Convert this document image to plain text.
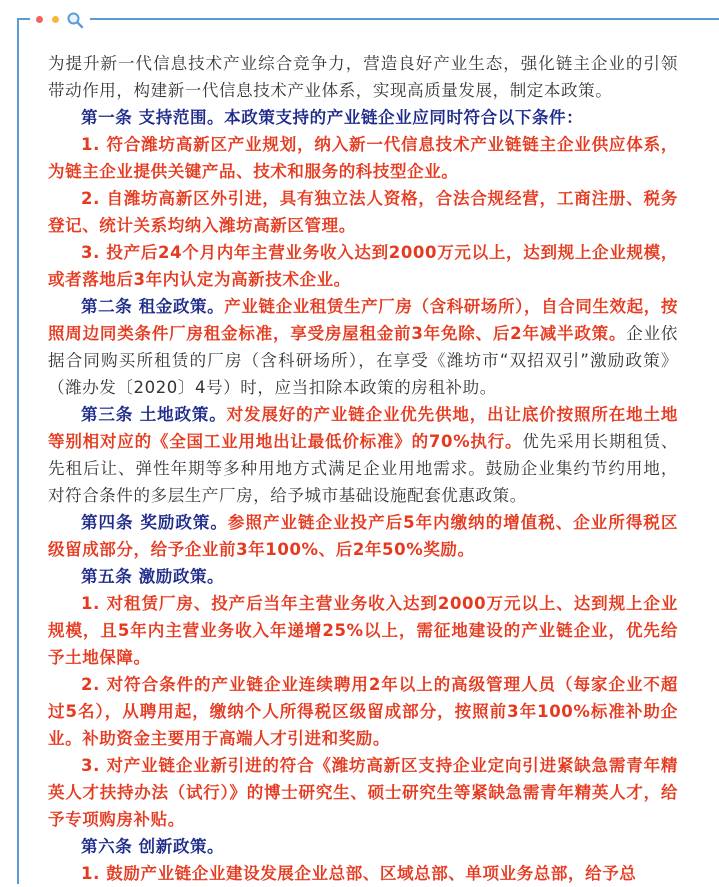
为提升新一代信息技术产业综合竞争力，营造良好产业生态，强化链主企业的引领带动作用，构建新一代信息技术产业体系，实现高质量发展，制定本政策。

第一条 支持范围。本政策支持的产业链企业应同时符合以下条件：

1. 符合潍坊高新区产业规划，纳入新一代信息技术产业链链主企业供应体系，为链主企业提供关键产品、技术和服务的科技型企业。

2. 自潍坊高新区外引进，具有独立法人资格，合法合规经营，工商注册、税务登记、统计关系均纳入潍坊高新区管理。

3. 投产后24个月内年主营业务收入达到2000万元以上，达到规上企业规模，或者落地后3年内认定为高新技术企业。

第二条 租金政策。产业链企业租赁生产厂房（含科研场所），自合同生效起，按照周边同类条件厂房租金标准，享受房屋租金前3年免除、后2年减半政策。企业依据合同购买所租赁的厂房（含科研场所），在享受《潍坊市“双招双引”激励政策》（潍办发〔2020〕4号）时，应当扣除本政策的房租补助。

第三条 土地政策。对发展好的产业链企业优先供地，出让底价按照所在地土地等别相对应的《全国工业用地出让最低价标准》的70%执行。优先采用长期租赁、先租后让、弹性年期等多种用地方式满足企业用地需求。鼓励企业集约节约用地，对符合条件的多层生产厂房，给予城市基础设施配套优惠政策。

第四条 奖励政策。参照产业链企业投产后5年内缴纳的增值税、企业所得税区级留成部分，给予企业前3年100%、后2年50%奖励。

第五条 激励政策。

1. 对租赁厂房、投产后当年主营业务收入达到2000万元以上、达到规上企业规模，且5年内主营业务收入年递增25%以上，需征地建设的产业链企业，优先给予土地保障。

2. 对符合条件的产业链企业连续聘用2年以上的高级管理人员（每家企业不超过5名），从聘用起，缴纳个人所得税区级留成部分，按照前3年100%标准补助企业。补助资金主要用于高端人才引进和奖励。

3. 对产业链企业新引进的符合《潍坊高新区支持企业定向引进紧缺急需青年精英人才扶持办法（试行）》的博士研究生、硕士研究生等紧缺急需青年精英人才，给予专项购房补贴。

第六条 创新政策。

1. 鼓励产业链企业建设发展企业总部、区域总部、单项业务总部，给予总
